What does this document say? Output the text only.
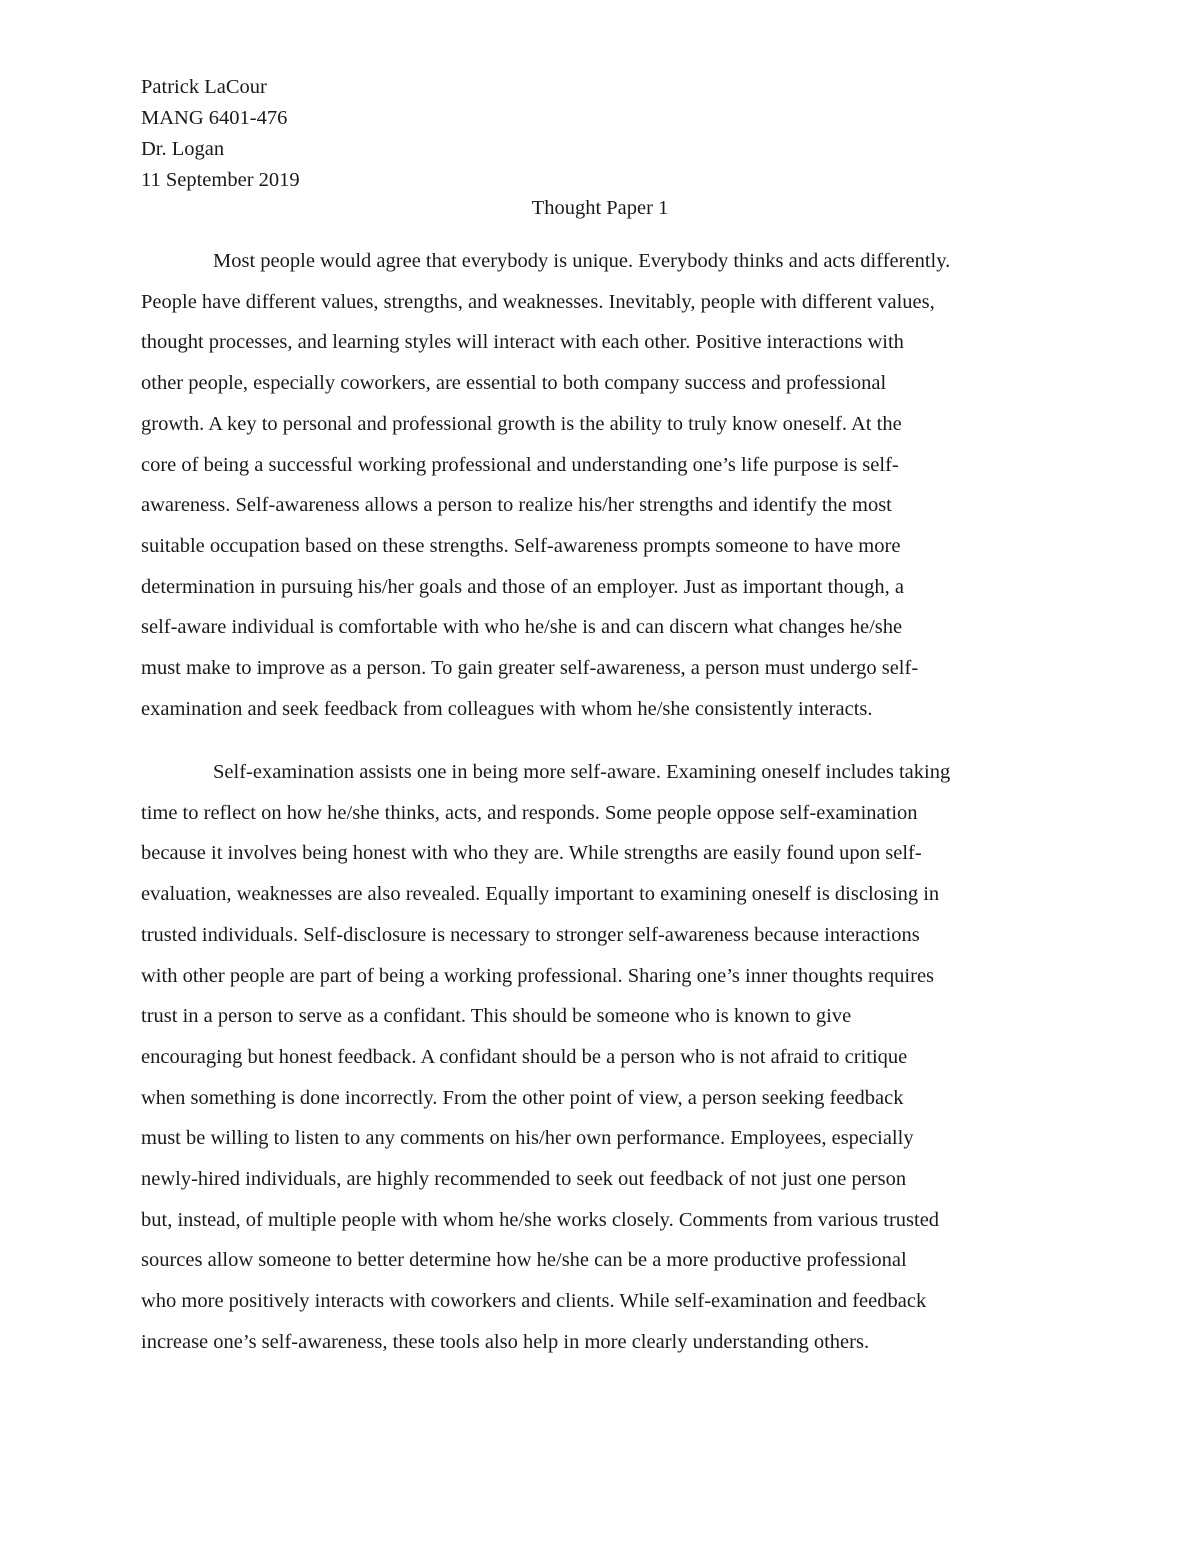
Patrick LaCour
MANG 6401-476
Dr. Logan
11 September 2019
Thought Paper 1
Most people would agree that everybody is unique. Everybody thinks and acts differently.
People have different values, strengths, and weaknesses. Inevitably, people with different values,
thought processes, and learning styles will interact with each other. Positive interactions with
other people, especially coworkers, are essential to both company success and professional
growth. A key to personal and professional growth is the ability to truly know oneself. At the
core of being a successful working professional and understanding one’s life purpose is self-
awareness. Self-awareness allows a person to realize his/her strengths and identify the most
suitable occupation based on these strengths. Self-awareness prompts someone to have more
determination in pursuing his/her goals and those of an employer. Just as important though, a
self-aware individual is comfortable with who he/she is and can discern what changes he/she
must make to improve as a person. To gain greater self-awareness, a person must undergo self-
examination and seek feedback from colleagues with whom he/she consistently interacts.
Self-examination assists one in being more self-aware. Examining oneself includes taking
time to reflect on how he/she thinks, acts, and responds. Some people oppose self-examination
because it involves being honest with who they are. While strengths are easily found upon self-
evaluation, weaknesses are also revealed. Equally important to examining oneself is disclosing in
trusted individuals. Self-disclosure is necessary to stronger self-awareness because interactions
with other people are part of being a working professional. Sharing one’s inner thoughts requires
trust in a person to serve as a confidant. This should be someone who is known to give
encouraging but honest feedback. A confidant should be a person who is not afraid to critique
when something is done incorrectly. From the other point of view, a person seeking feedback
must be willing to listen to any comments on his/her own performance. Employees, especially
newly-hired individuals, are highly recommended to seek out feedback of not just one person
but, instead, of multiple people with whom he/she works closely. Comments from various trusted
sources allow someone to better determine how he/she can be a more productive professional
who more positively interacts with coworkers and clients. While self-examination and feedback
increase one’s self-awareness, these tools also help in more clearly understanding others.
